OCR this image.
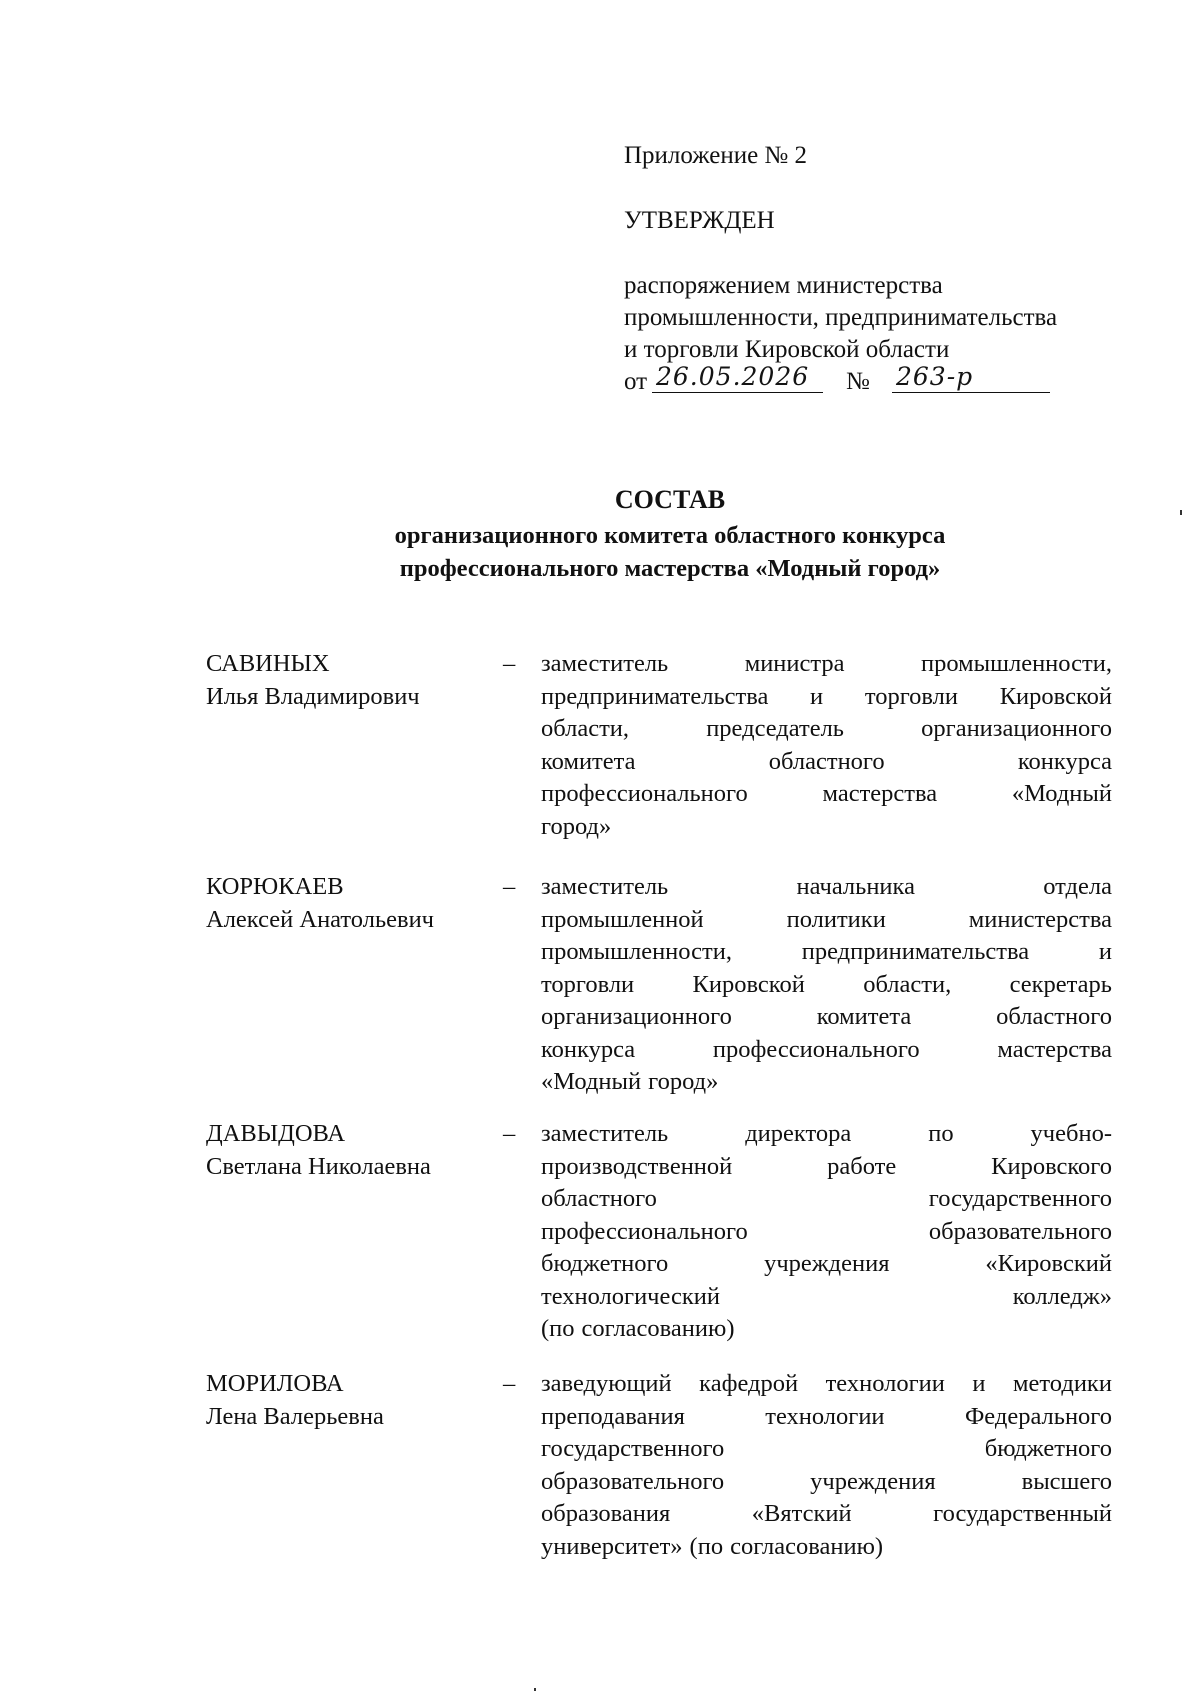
Приложение № 2
УТВЕРЖДЕН
распоряжением министерства
промышленности, предпринимательства
и торговли Кировской области
от 26.05.2026	№ 263-р
СОСТАВ
организационного комитета областного конкурса
профессионального мастерства «Модный город»
САВИНЫХ
Илья Владимирович
– заместитель	министра	промышленности,
предпринимательства и торговли Кировской
области,	председатель	организационного
комитета	областного	конкурса
профессионального	мастерства	«Модный
город»
КОРЮКАЕВ
Алексей Анатольевич
– заместитель	начальника	отдела
промышленной	политики	министерства
промышленности,	предпринимательства	и
торговли Кировской области, секретарь
организационного	комитета	областного
конкурса	профессионального	мастерства
«Модный город»
ДАВЫДОВА
Светлана Николаевна
– заместитель	директора	по	учебно-
производственной	работе	Кировского
областного	государственного
профессионального	образовательного
бюджетного	учреждения	«Кировский
технологический	колледж»
(по согласованию)
МОРИЛОВА
Лена Валерьевна
– заведующий кафедрой технологии и методики
преподавания	технологии	Федерального
государственного	бюджетного
образовательного	учреждения	высшего
образования	«Вятский	государственный
университет» (по согласованию)
